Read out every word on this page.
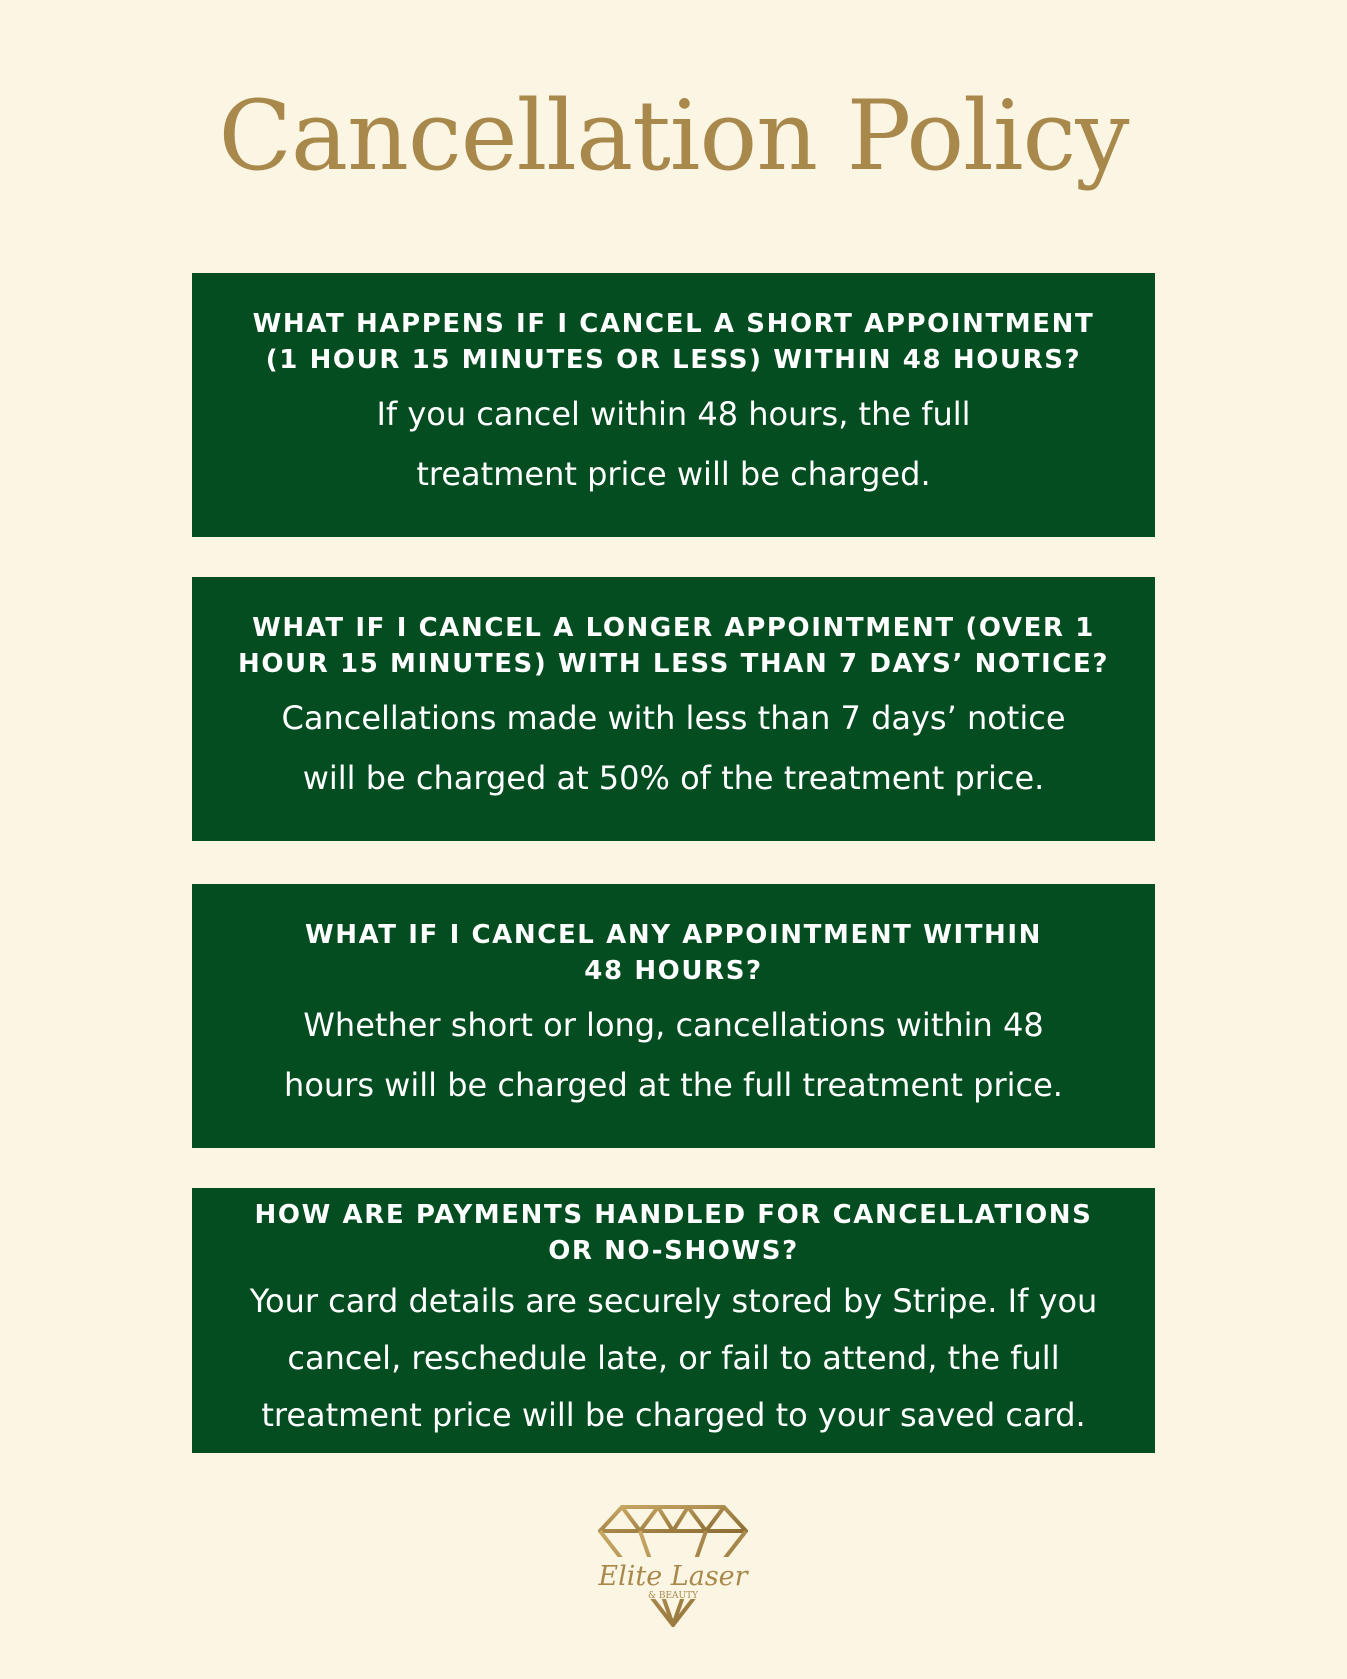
Cancellation Policy
WHAT HAPPENS IF I CANCEL A SHORT APPOINTMENT
(1 HOUR 15 MINUTES OR LESS) WITHIN 48 HOURS?
If you cancel within 48 hours, the full
treatment price will be charged.
WHAT IF I CANCEL A LONGER APPOINTMENT (OVER 1
HOUR 15 MINUTES) WITH LESS THAN 7 DAYS’ NOTICE?
Cancellations made with less than 7 days’ notice
will be charged at 50% of the treatment price.
WHAT IF I CANCEL ANY APPOINTMENT WITHIN
48 HOURS?
Whether short or long, cancellations within 48
hours will be charged at the full treatment price.
HOW ARE PAYMENTS HANDLED FOR CANCELLATIONS
OR NO-SHOWS?
Your card details are securely stored by Stripe. If you
cancel, reschedule late, or fail to attend, the full
treatment price will be charged to your saved card.
Elite Laser
& BEAUTY
